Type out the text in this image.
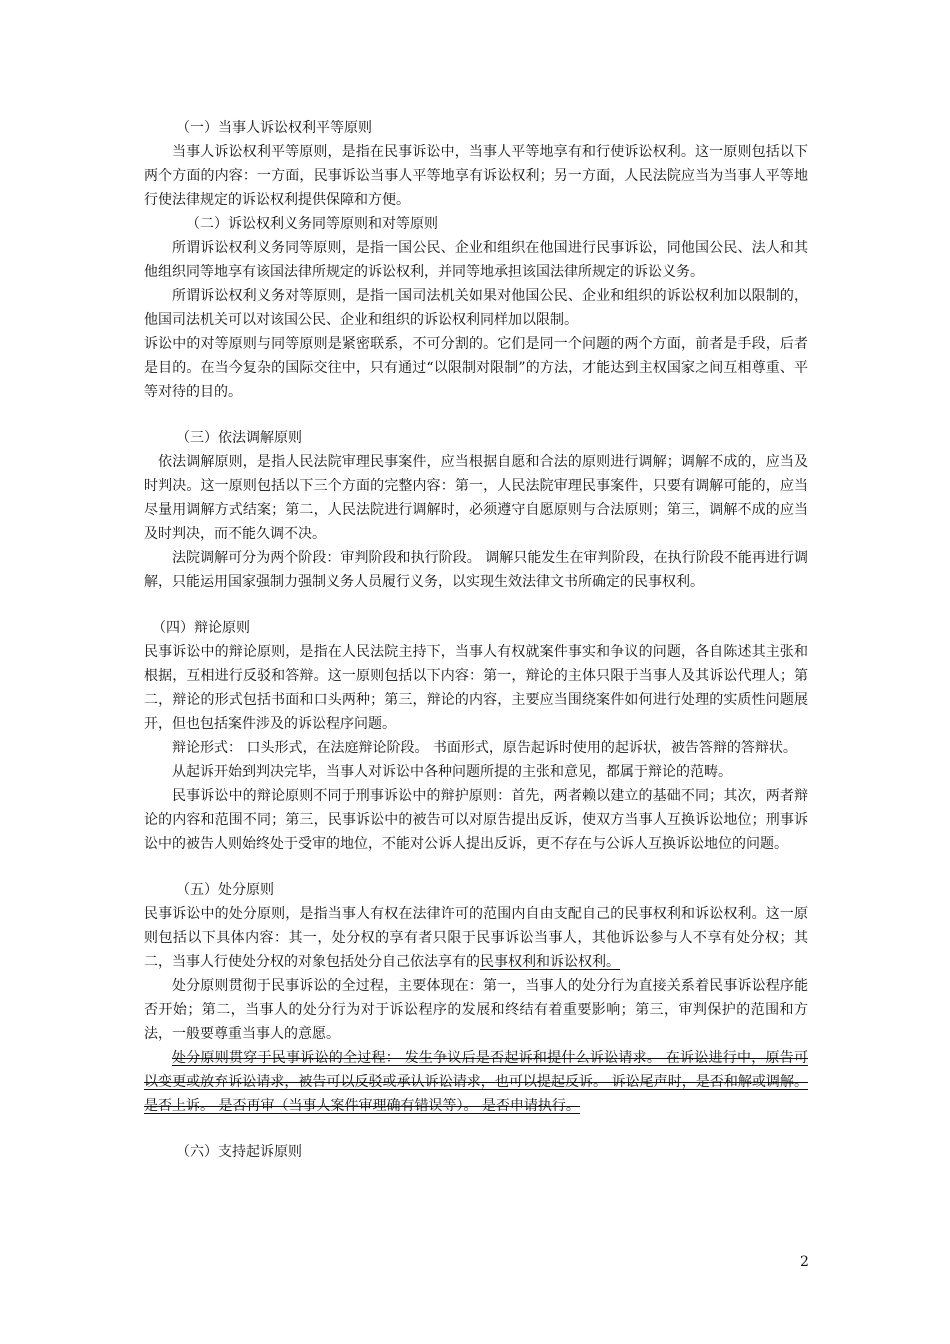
（一）当事人诉讼权利平等原则

当事人诉讼权利平等原则，是指在民事诉讼中，当事人平等地享有和行使诉讼权利。这一原则包括以下两个方面的内容：一方面，民事诉讼当事人平等地享有诉讼权利；另一方面，人民法院应当为当事人平等地行使法律规定的诉讼权利提供保障和方便。

（二）诉讼权利义务同等原则和对等原则

所谓诉讼权利义务同等原则，是指一国公民、企业和组织在他国进行民事诉讼，同他国公民、法人和其他组织同等地享有该国法律所规定的诉讼权利，并同等地承担该国法律所规定的诉讼义务。

所谓诉讼权利义务对等原则，是指一国司法机关如果对他国公民、企业和组织的诉讼权利加以限制的，他国司法机关可以对该国公民、企业和组织的诉讼权利同样加以限制。

诉讼中的对等原则与同等原则是紧密联系，不可分割的。它们是同一个问题的两个方面，前者是手段，后者是目的。在当今复杂的国际交往中，只有通过“以限制对限制”的方法，才能达到主权国家之间互相尊重、平等对待的目的。

（三）依法调解原则

依法调解原则，是指人民法院审理民事案件，应当根据自愿和合法的原则进行调解；调解不成的，应当及时判决。这一原则包括以下三个方面的完整内容：第一，人民法院审理民事案件，只要有调解可能的，应当尽量用调解方式结案；第二，人民法院进行调解时，必须遵守自愿原则与合法原则；第三，调解不成的应当及时判决，而不能久调不决。

法院调解可分为两个阶段：审判阶段和执行阶段。 调解只能发生在审判阶段，在执行阶段不能再进行调解，只能运用国家强制力强制义务人员履行义务，以实现生效法律文书所确定的民事权利。

（四）辩论原则

民事诉讼中的辩论原则，是指在人民法院主持下，当事人有权就案件事实和争议的问题，各自陈述其主张和根据，互相进行反驳和答辩。这一原则包括以下内容：第一，辩论的主体只限于当事人及其诉讼代理人；第二，辩论的形式包括书面和口头两种；第三，辩论的内容，主要应当围绕案件如何进行处理的实质性问题展开，但也包括案件涉及的诉讼程序问题。

辩论形式： 口头形式，在法庭辩论阶段。 书面形式，原告起诉时使用的起诉状，被告答辩的答辩状。

从起诉开始到判决完毕，当事人对诉讼中各种问题所提的主张和意见，都属于辩论的范畴。

民事诉讼中的辩论原则不同于刑事诉讼中的辩护原则：首先，两者赖以建立的基础不同；其次，两者辩论的内容和范围不同；第三，民事诉讼中的被告可以对原告提出反诉，使双方当事人互换诉讼地位；刑事诉讼中的被告人则始终处于受审的地位，不能对公诉人提出反诉，更不存在与公诉人互换诉讼地位的问题。

（五）处分原则

民事诉讼中的处分原则，是指当事人有权在法律许可的范围内自由支配自己的民事权利和诉讼权利。这一原则包括以下具体内容：其一，处分权的享有者只限于民事诉讼当事人，其他诉讼参与人不享有处分权；其二，当事人行使处分权的对象包括处分自己依法享有的民事权利和诉讼权利。

处分原则贯彻于民事诉讼的全过程，主要体现在：第一，当事人的处分行为直接关系着民事诉讼程序能否开始；第二，当事人的处分行为对于诉讼程序的发展和终结有着重要影响；第三，审判保护的范围和方法，一般要尊重当事人的意愿。

处分原则贯穿于民事诉讼的全过程： 发生争议后是否起诉和提什么诉讼请求。 在诉讼进行中，原告可以变更或放弃诉讼请求，被告可以反驳或承认诉讼请求，也可以提起反诉。 诉讼尾声时，是否和解或调解。 是否上诉。 是否再审（当事人案件审理确有错误等）。 是否申请执行。

（六）支持起诉原则

2
